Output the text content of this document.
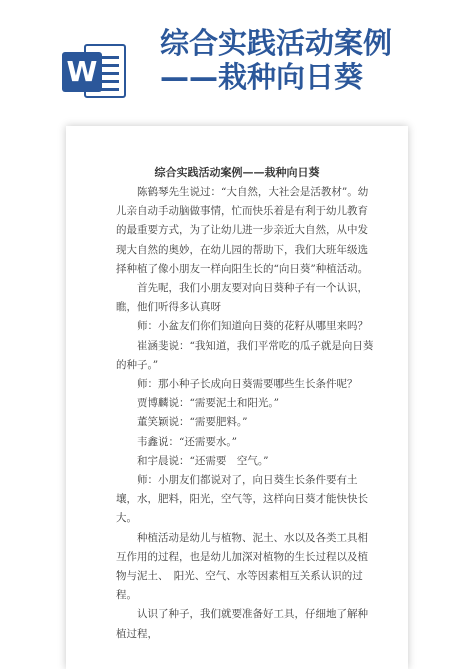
W
综合实践活动案例
——栽种向日葵
综合实践活动案例——栽种向日葵

陈鹤琴先生说过：“大自然，大社会是活教材”。幼儿亲自动手动脑做事情，忙而快乐着是有利于幼儿教育的最重要方式，为了让幼儿进一步亲近大自然，从中发现大自然的奥妙，在幼儿园的帮助下，我们大班年级选择种植了像小朋友一样向阳生长的“向日葵”种植活动。

首先呢，我们小朋友要对向日葵种子有一个认识，瞧，他们听得多认真呀

师：小盆友们你们知道向日葵的花籽从哪里来吗？

崔涵斐说：“我知道，我们平常吃的瓜子就是向日葵的种子。”

师：那小种子长成向日葵需要哪些生长条件呢？

贾博麟说：“需要泥土和阳光。”

董笑颖说：“需要肥料。”

韦鑫说：“还需要水。”

和宇晨说：“还需要　空气。”

师：小朋友们都说对了，向日葵生长条件要有土壤，水，肥料，阳光，空气等，这样向日葵才能快快长大。

种植活动是幼儿与植物、泥土、水以及各类工具相互作用的过程，也是幼儿加深对植物的生长过程以及植物与泥土、　阳光、空气、水等因素相互关系认识的过程。

认识了种子，我们就要准备好工具，仔细地了解种植过程，
